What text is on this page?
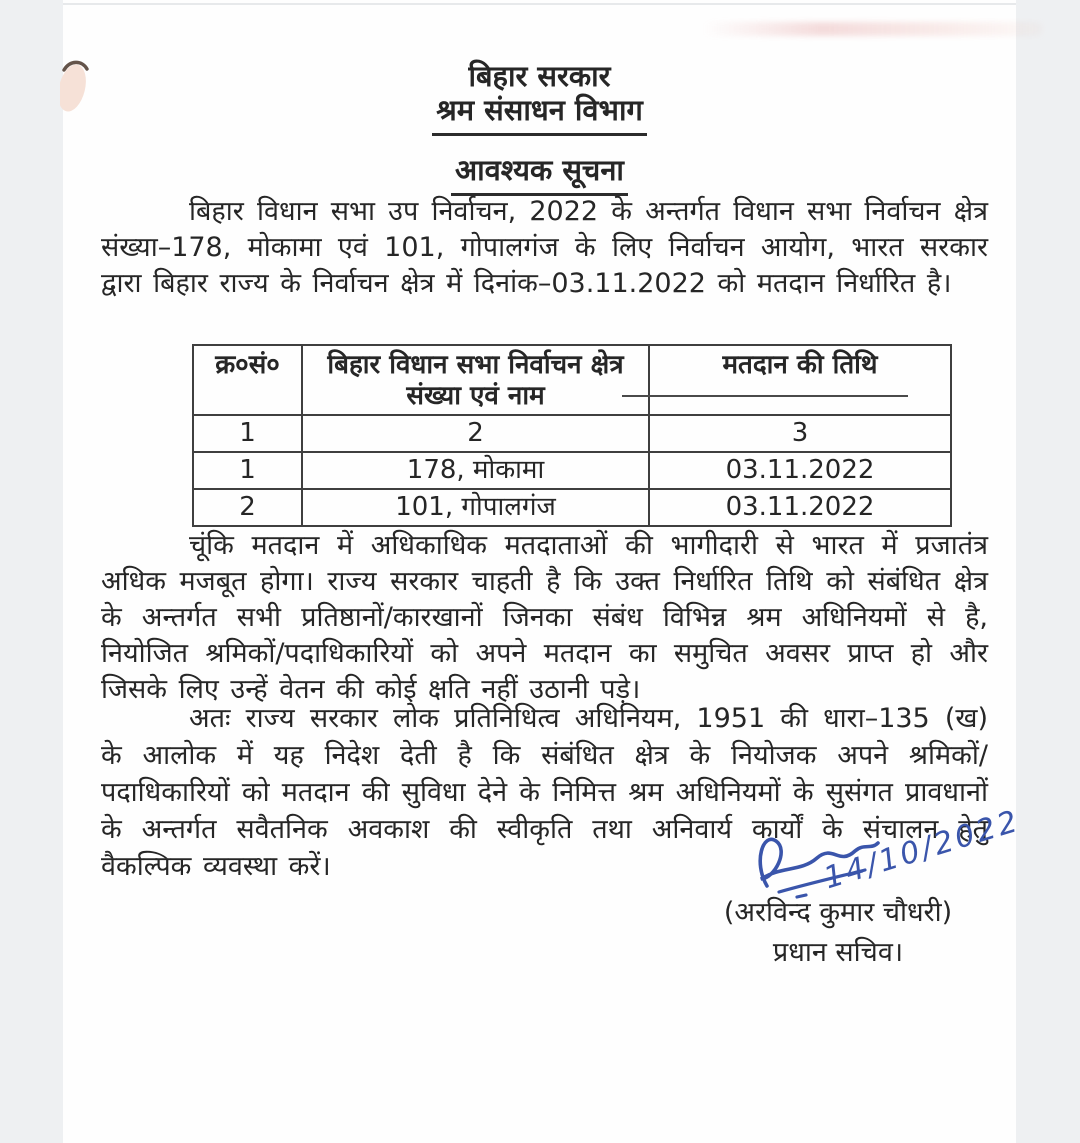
बिहार सरकार
श्रम संसाधन विभाग
आवश्यक सूचना

बिहार विधान सभा उप निर्वाचन, 2022 के अन्तर्गत विधान सभा निर्वाचन क्षेत्र संख्या–178, मोकामा एवं 101, गोपालगंज के लिए निर्वाचन आयोग, भारत सरकार द्वारा बिहार राज्य के निर्वाचन क्षेत्र में दिनांक–03.11.2022 को मतदान निर्धारित है।

क्र०सं०	बिहार विधान सभा निर्वाचन क्षेत्र संख्या एवं नाम	मतदान की तिथि
1	2	3
1	178, मोकामा	03.11.2022
2	101, गोपालगंज	03.11.2022

चूंकि मतदान में अधिकाधिक मतदाताओं की भागीदारी से भारत में प्रजातंत्र अधिक मजबूत होगा। राज्य सरकार चाहती है कि उक्त निर्धारित तिथि को संबंधित क्षेत्र के अन्तर्गत सभी प्रतिष्ठानों/कारखानों जिनका संबंध विभिन्न श्रम अधिनियमों से है, नियोजित श्रमिकों/पदाधिकारियों को अपने मतदान का समुचित अवसर प्राप्त हो और जिसके लिए उन्हें वेतन की कोई क्षति नहीं उठानी पड़े।

अतः राज्य सरकार लोक प्रतिनिधित्व अधिनियम, 1951 की धारा–135 (ख) के आलोक में यह निदेश देती है कि संबंधित क्षेत्र के नियोजक अपने श्रमिकों/पदाधिकारियों को मतदान की सुविधा देने के निमित्त श्रम अधिनियमों के सुसंगत प्रावधानों के अन्तर्गत सवैतनिक अवकाश की स्वीकृति तथा अनिवार्य कार्यों के संचालन हेतु वैकल्पिक व्यवस्था करें।	14/10/2022
(अरविन्द कुमार चौधरी)
प्रधान सचिव।
